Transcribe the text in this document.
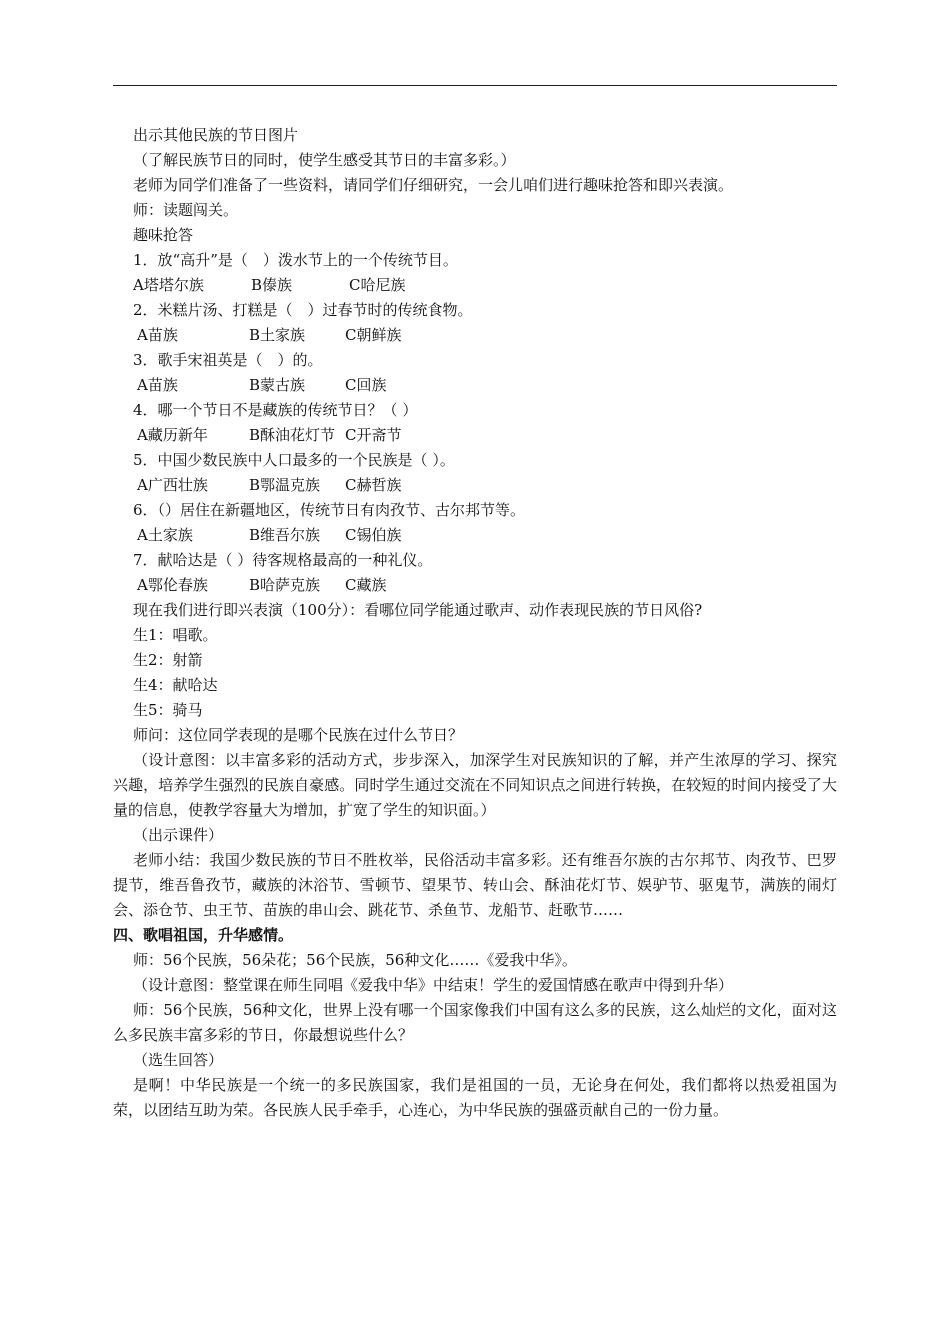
出示其他民族的节日图片
（了解民族节日的同时，使学生感受其节日的丰富多彩。）
老师为同学们准备了一些资料，请同学们仔细研究，一会儿咱们进行趣味抢答和即兴表演。
师：读题闯关。
趣味抢答
1．放“高升”是（　）泼水节上的一个传统节目。
A塔塔尔族	B傣族	C哈尼族
2．米糕片汤、打糕是（　）过春节时的传统食物。
A苗族	B土家族	C朝鲜族
3．歌手宋祖英是（　）的。
A苗族	B蒙古族	C回族
4．哪一个节日不是藏族的传统节日？（ ）
A藏历新年	B酥油花灯节 C开斋节
5．中国少数民族中人口最多的一个民族是（ ）。
A广西壮族	B鄂温克族 C赫哲族
6．（）居住在新疆地区，传统节日有肉孜节、古尔邦节等。
A土家族	B维吾尔族 C锡伯族
7．献哈达是（ ）待客规格最高的一种礼仪。
A鄂伦春族	B哈萨克族 C藏族
现在我们进行即兴表演（100分）：看哪位同学能通过歌声、动作表现民族的节日风俗?
生1：唱歌。
生2：射箭
生4：献哈达
生5：骑马
师问：这位同学表现的是哪个民族在过什么节日？
（设计意图：以丰富多彩的活动方式，步步深入，加深学生对民族知识的了解，并产生浓厚的学习、探究兴趣，培养学生强烈的民族自豪感。同时学生通过交流在不同知识点之间进行转换，在较短的时间内接受了大量的信息，使教学容量大为增加，扩宽了学生的知识面。）
（出示课件）
老师小结：我国少数民族的节日不胜枚举，民俗活动丰富多彩。还有维吾尔族的古尔邦节、肉孜节、巴罗提节，维吾鲁孜节，藏族的沐浴节、雪顿节、望果节、转山会、酥油花灯节、娱驴节、驱鬼节，满族的闹灯会、添仓节、虫王节、苗族的串山会、跳花节、杀鱼节、龙船节、赶歌节……
四、歌唱祖国，升华感情。
师：56个民族，56朵花；56个民族，56种文化……《爱我中华》。
（设计意图：整堂课在师生同唱《爱我中华》中结束！学生的爱国情感在歌声中得到升华）
师：56个民族，56种文化，世界上没有哪一个国家像我们中国有这么多的民族，这么灿烂的文化，面对这么多民族丰富多彩的节日，你最想说些什么？
（选生回答）
是啊！中华民族是一个统一的多民族国家，我们是祖国的一员，无论身在何处，我们都将以热爱祖国为荣，以团结互助为荣。各民族人民手牵手，心连心，为中华民族的强盛贡献自己的一份力量。
